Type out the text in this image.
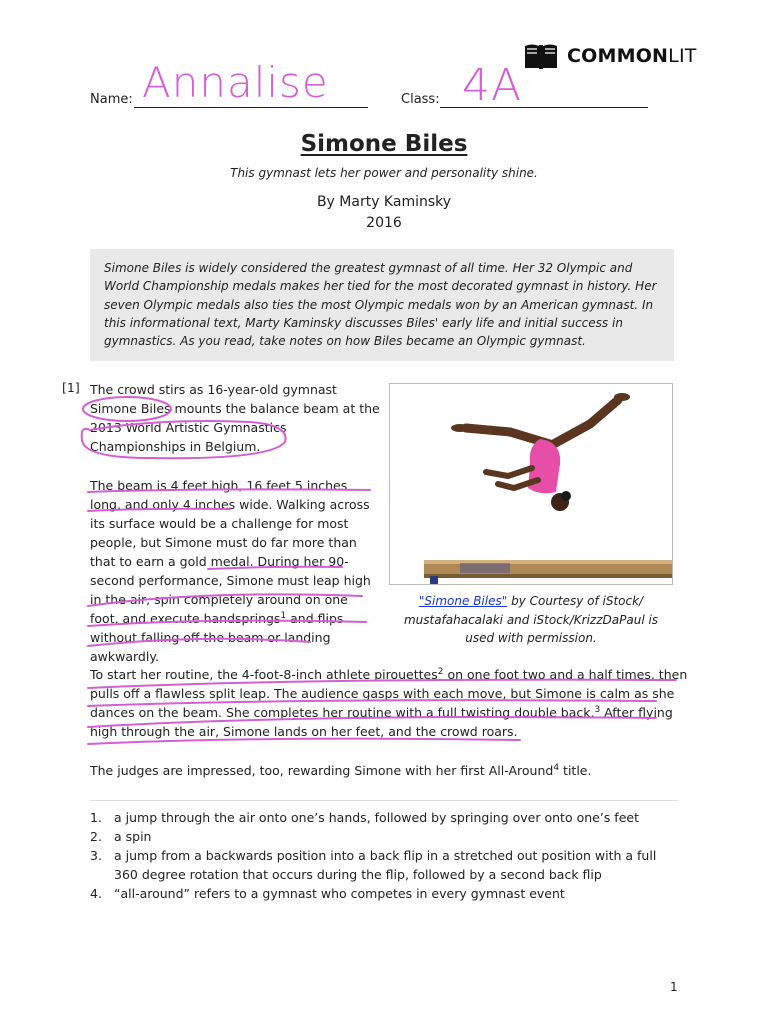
COMMONLIT
Name: Annalise	Class: 4A
Simone Biles
This gymnast lets her power and personality shine.
By Marty Kaminsky
2016
Simone Biles is widely considered the greatest gymnast of all time. Her 32 Olympic and World Championship medals makes her tied for the most decorated gymnast in history. Her seven Olympic medals also ties the most Olympic medals won by an American gymnast. In this informational text, Marty Kaminsky discusses Biles' early life and initial success in gymnastics. As you read, take notes on how Biles became an Olympic gymnast.
[1] The crowd stirs as 16-year-old gymnast Simone Biles mounts the balance beam at the 2013 World Artistic Gymnastics Championships in Belgium.
The beam is 4 feet high, 16 feet 5 inches long, and only 4 inches wide. Walking across its surface would be a challenge for most people, but Simone must do far more than that to earn a gold medal. During her 90-second performance, Simone must leap high in the air, spin completely around on one foot, and execute handsprings$^1$ and flips without falling off the beam or landing awkwardly.
"Simone Biles" by Courtesy of iStock/ mustafahacalaki and iStock/KrizzDaPaul is used with permission.
To start her routine, the 4-foot-8-inch athlete pirouettes$^2$ on one foot two and a half times, then pulls off a flawless split leap. The audience gasps with each move, but Simone is calm as she dances on the beam. She completes her routine with a full twisting double back.$^3$ After flying high through the air, Simone lands on her feet, and the crowd roars.
The judges are impressed, too, rewarding Simone with her first All-Around$^4$ title.
1. a jump through the air onto one’s hands, followed by springing over onto one’s feet
2. a spin
3. a jump from a backwards position into a back flip in a stretched out position with a full 360 degree rotation that occurs during the flip, followed by a second back flip
4. “all-around” refers to a gymnast who competes in every gymnast event
1
